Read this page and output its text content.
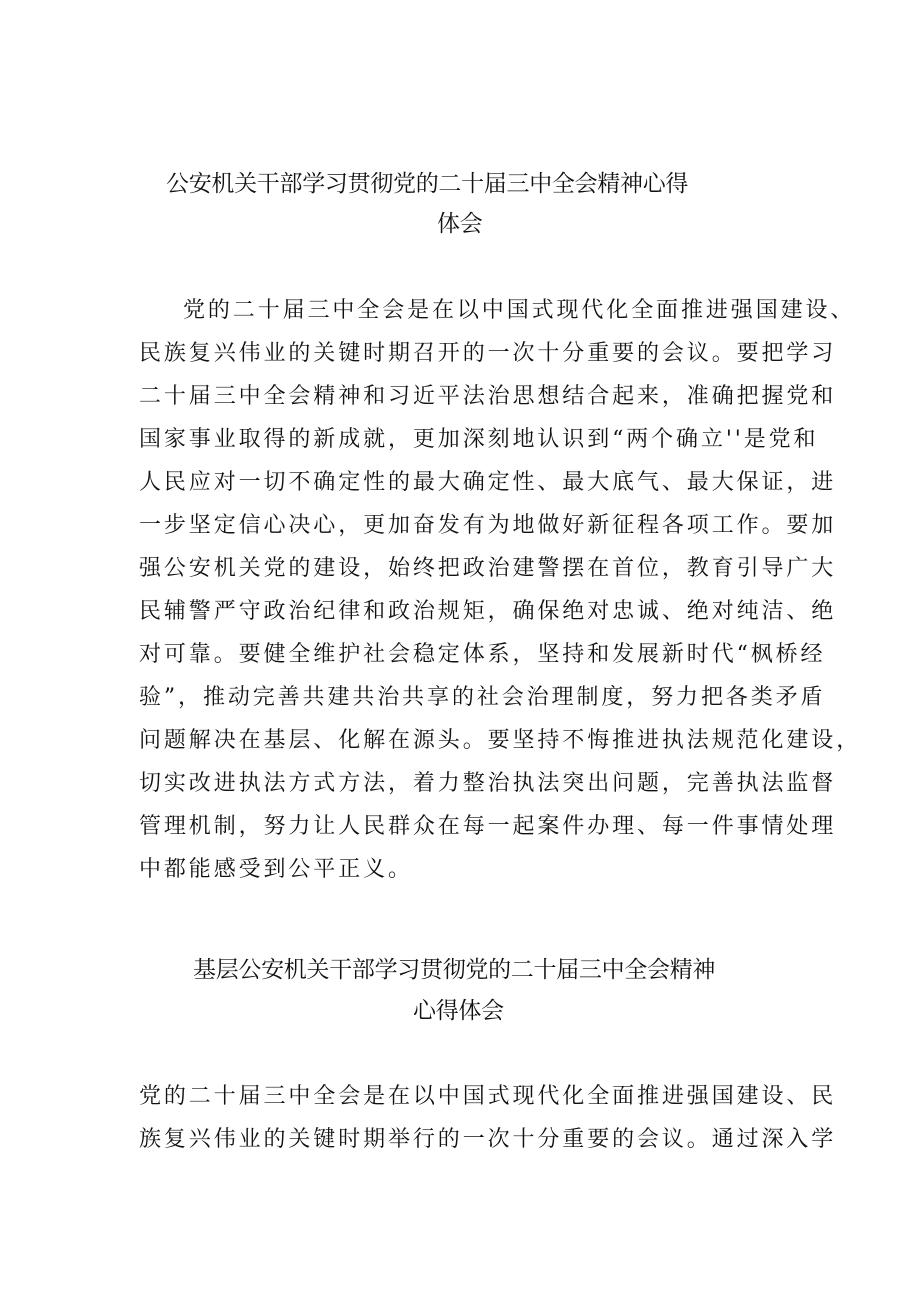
公安机关干部学习贯彻党的二十届三中全会精神心得
体会
党的二十届三中全会是在以中国式现代化全面推进强国建设、
民族复兴伟业的关键时期召开的一次十分重要的会议。要把学习
二十届三中全会精神和习近平法治思想结合起来，准确把握党和
国家事业取得的新成就，更加深刻地认识到“两个确立''是党和
人民应对一切不确定性的最大确定性、最大底气、最大保证，进
一步坚定信心决心，更加奋发有为地做好新征程各项工作。要加
强公安机关党的建设，始终把政治建警摆在首位，教育引导广大
民辅警严守政治纪律和政治规矩，确保绝对忠诚、绝对纯洁、绝
对可靠。要健全维护社会稳定体系，坚持和发展新时代“枫桥经
验”，推动完善共建共治共享的社会治理制度，努力把各类矛盾
问题解决在基层、化解在源头。要坚持不悔推进执法规范化建设，
切实改进执法方式方法，着力整治执法突出问题，完善执法监督
管理机制，努力让人民群众在每一起案件办理、每一件事情处理
中都能感受到公平正义。
基层公安机关干部学习贯彻党的二十届三中全会精神
心得体会
党的二十届三中全会是在以中国式现代化全面推进强国建设、民
族复兴伟业的关键时期举行的一次十分重要的会议。通过深入学
